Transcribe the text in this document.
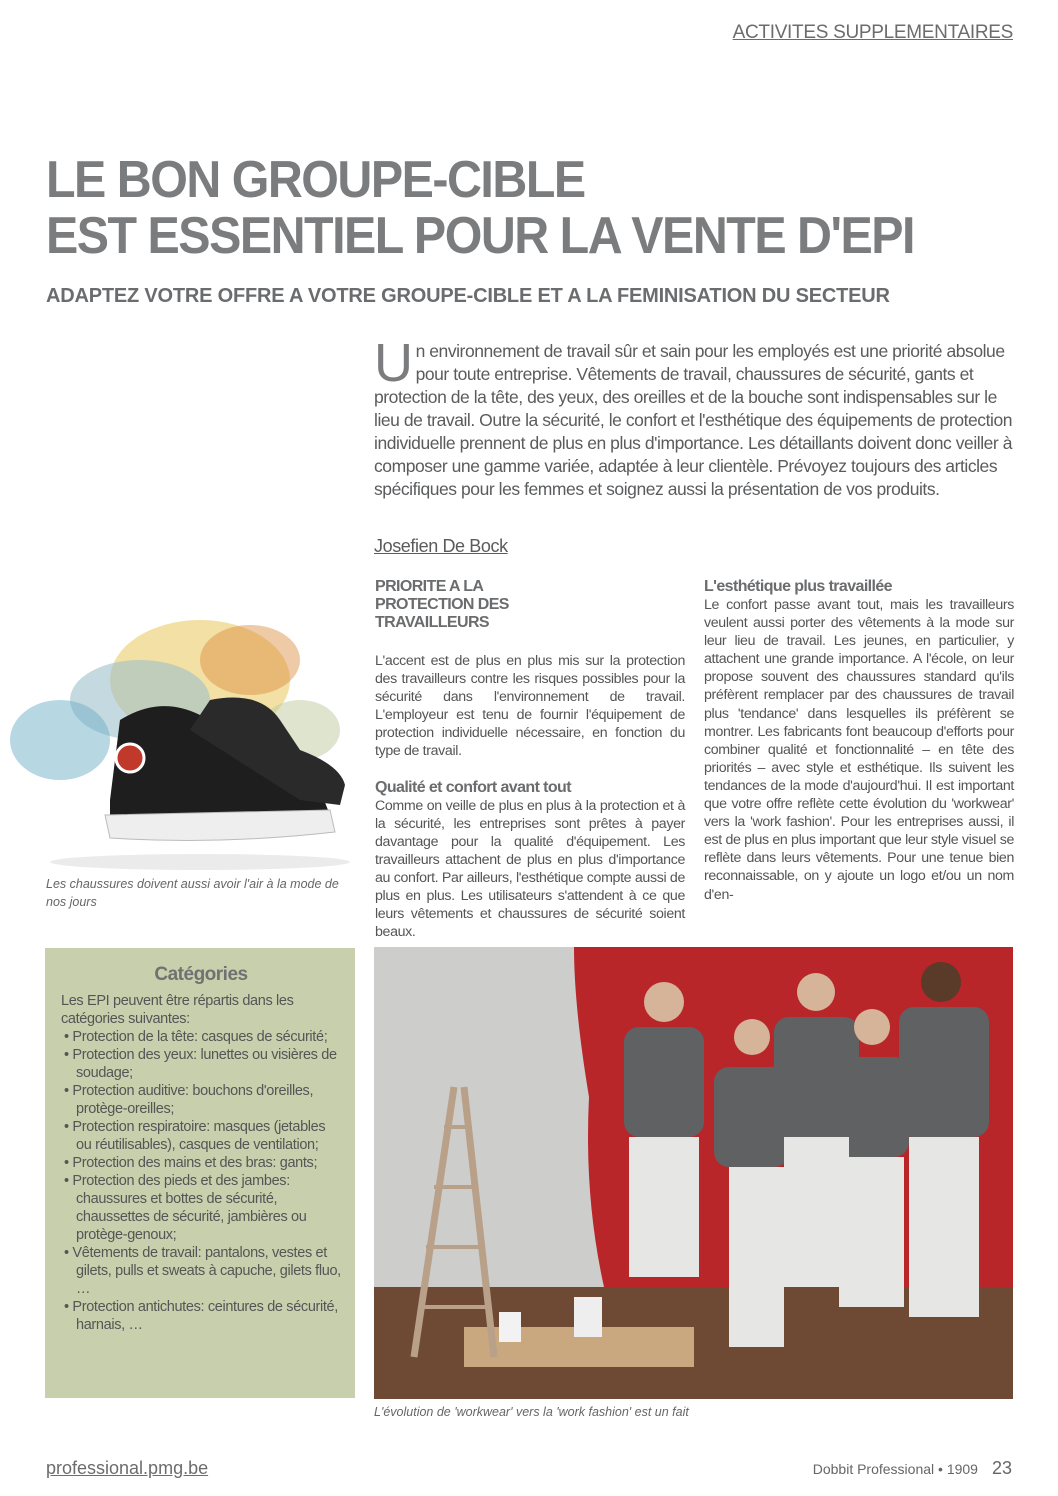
ACTIVITES SUPPLEMENTAIRES
LE BON GROUPE-CIBLE
EST ESSENTIEL POUR LA VENTE D'EPI
ADAPTEZ VOTRE OFFRE A VOTRE GROUPE-CIBLE ET A LA FEMINISATION DU SECTEUR
Un environnement de travail sûr et sain pour les employés est une priorité absolue pour toute entreprise. Vêtements de travail, chaussures de sécurité, gants et protection de la tête, des yeux, des oreilles et de la bouche sont indispensables sur le lieu de travail. Outre la sécurité, le confort et l'esthétique des équipements de protection individuelle prennent de plus en plus d'importance. Les détaillants doivent donc veiller à composer une gamme variée, adaptée à leur clientèle. Prévoyez toujours des articles spécifiques pour les femmes et soignez aussi la présentation de vos produits.
Josefien De Bock
PRIORITE A LA PROTECTION DES TRAVAILLEURS

L'accent est de plus en plus mis sur la protection des travailleurs contre les risques possibles pour la sécurité dans l'environnement de travail. L'employeur est tenu de fournir l'équipement de protection individuelle nécessaire, en fonction du type de travail.

Qualité et confort avant tout

Comme on veille de plus en plus à la protection et à la sécurité, les entreprises sont prêtes à payer davantage pour la qualité d'équipement. Les travailleurs attachent de plus en plus d'importance au confort. Par ailleurs, l'esthétique compte aussi de plus en plus. Les utilisateurs s'attendent à ce que leurs vêtements et chaussures de sécurité soient beaux.

L'esthétique plus travaillée

Le confort passe avant tout, mais les travailleurs veulent aussi porter des vêtements à la mode sur leur lieu de travail. Les jeunes, en particulier, y attachent une grande importance. A l'école, on leur propose souvent des chaussures standard qu'ils préfèrent remplacer par des chaussures de travail plus 'tendance' dans lesquelles ils préfèrent se montrer. Les fabricants font beaucoup d'efforts pour combiner qualité et fonctionnalité – en tête des priorités – avec style et esthétique. Ils suivent les tendances de la mode d'aujourd'hui. Il est important que votre offre reflète cette évolution du 'workwear' vers la 'work fashion'. Pour les entreprises aussi, il est de plus en plus important que leur style visuel se reflète dans leurs vêtements. Pour une tenue bien reconnaissable, on y ajoute un logo et/ou un nom d'en-

Les chaussures doivent aussi avoir l'air à la mode de nos jours

Catégories

Les EPI peuvent être répartis dans les catégories suivantes:

• Protection de la tête: casques de sécurité;
• Protection des yeux: lunettes ou visières de soudage;
• Protection auditive: bouchons d'oreilles, protège-oreilles;
• Protection respiratoire: masques (jetables ou réutilisables), casques de ventilation;
• Protection des mains et des bras: gants;
• Protection des pieds et des jambes: chaussures et bottes de sécurité, chaussettes de sécurité, jambières ou protège-genoux;
• Vêtements de travail: pantalons, vestes et gilets, pulls et sweats à capuche, gilets fluo, …
• Protection antichutes: ceintures de sécurité, harnais, …

L'évolution de 'workwear' vers la 'work fashion' est un fait

professional.pmg.be	Dobbit Professional • 1909 23
